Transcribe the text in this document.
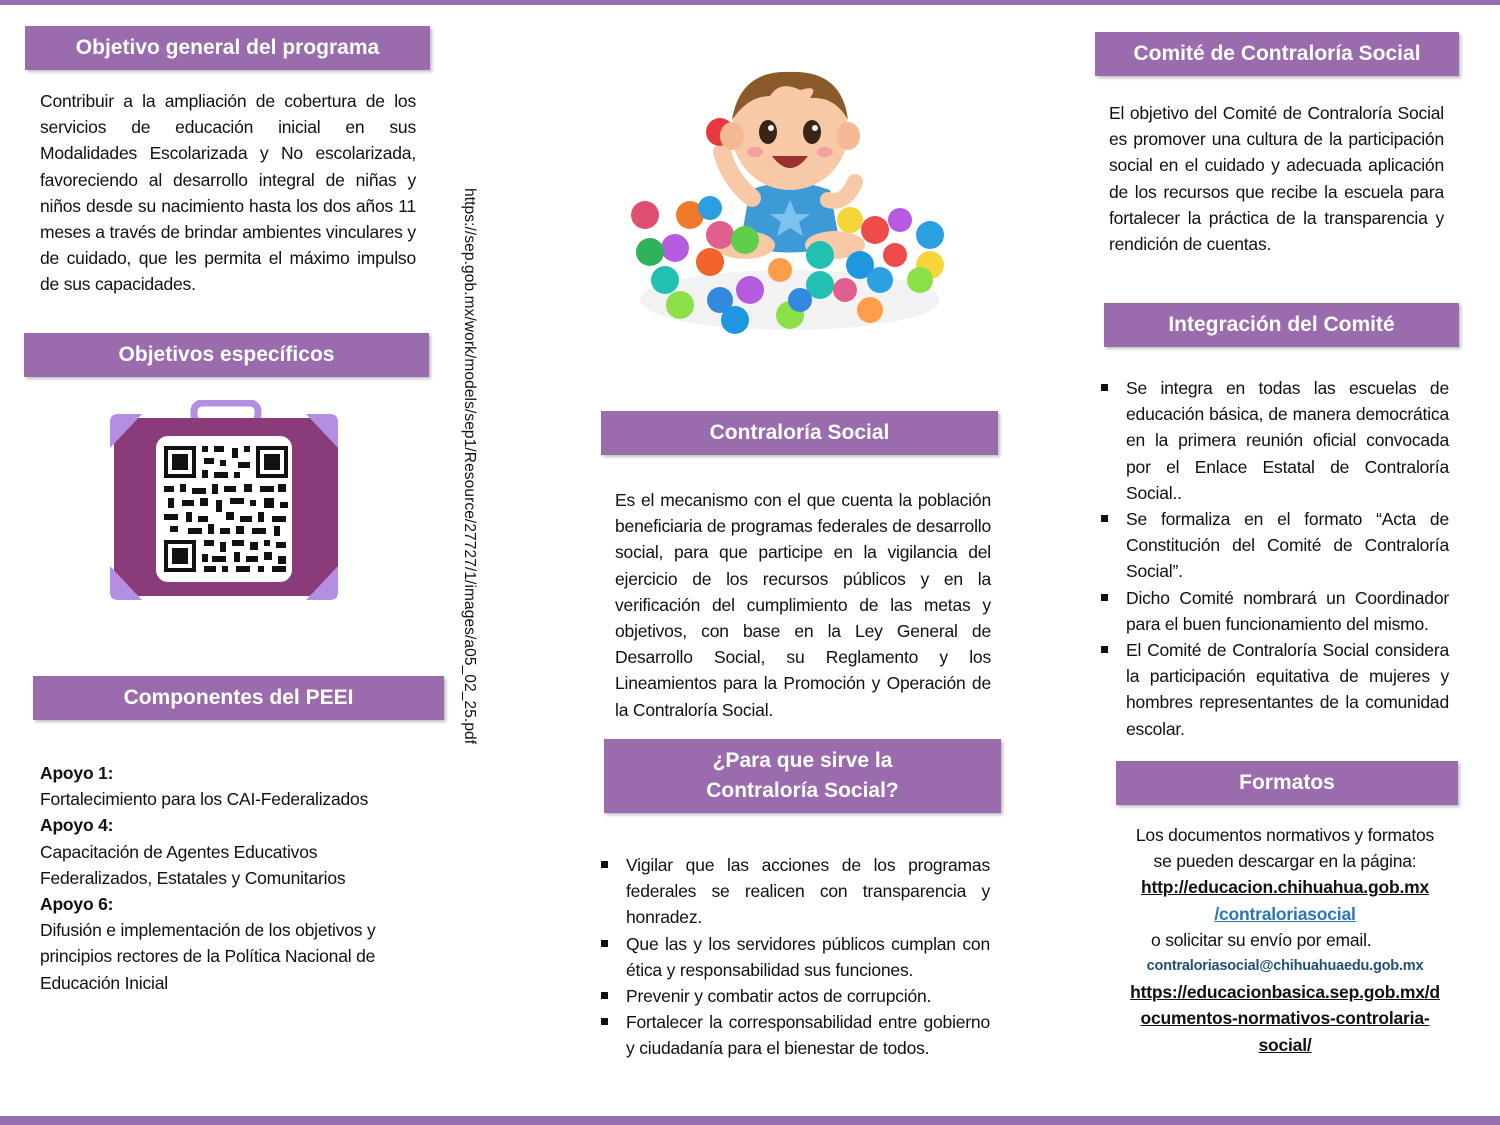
Objetivo general del programa
Contribuir a la ampliación de cobertura de los servicios de educación inicial en sus Modalidades Escolarizada y No escolarizada, favoreciendo al desarrollo integral de niñas y niños desde su nacimiento hasta los dos años 11 meses a través de brindar ambientes vinculares y de cuidado, que les permita el máximo impulso de sus capacidades.
Objetivos específicos
Componentes del PEEI
Apoyo 1:
Fortalecimiento para los CAI-Federalizados
Apoyo 4:
Capacitación de Agentes Educativos Federalizados, Estatales y Comunitarios
Apoyo 6:
Difusión e implementación de los objetivos y principios rectores de la Política Nacional de Educación Inicial
https://sep.gob.mx/work/models/sep1/Resource/27727/1/images/a05_02_25.pdf	Contraloría Social
Es el mecanismo con el que cuenta la población beneficiaria de programas federales de desarrollo social, para que participe en la vigilancia del ejercicio de los recursos públicos y en la verificación del cumplimiento de las metas y objetivos, con base en la Ley General de Desarrollo Social, su Reglamento y los Lineamientos para la Promoción y Operación de la Contraloría Social.
¿Para que sirve la
Contraloría Social?
Vigilar que las acciones de los programas federales se realicen con transparencia y honradez.
Que las y los servidores públicos cumplan con ética y responsabilidad sus funciones.
Prevenir y combatir actos de corrupción.
Fortalecer la corresponsabilidad entre gobierno y ciudadanía para el bienestar de todos.
Comité de Contraloría Social
El objetivo del Comité de Contraloría Social es promover una cultura de la participación social en el cuidado y adecuada aplicación de los recursos que recibe la escuela para fortalecer la práctica de la transparencia y rendición de cuentas.
Integración del Comité
Se integra en todas las escuelas de educación básica, de manera democrática en la primera reunión oficial convocada por el Enlace Estatal de Contraloría Social..
Se formaliza en el formato “Acta de Constitución del Comité de Contraloría Social”.
Dicho Comité nombrará un Coordinador para el buen funcionamiento del mismo.
El Comité de Contraloría Social considera la participación equitativa de mujeres y hombres representantes de la comunidad escolar.
Formatos
Los documentos normativos y formatos
se pueden descargar en la página:
http://educacion.chihuahua.gob.mx
/contraloriasocial
o solicitar su envío por email.
contraloriasocial@chihuahuaedu.gob.mx
https://educacionbasica.sep.gob.mx/d
ocumentos-normativos-controlaria-
social/
